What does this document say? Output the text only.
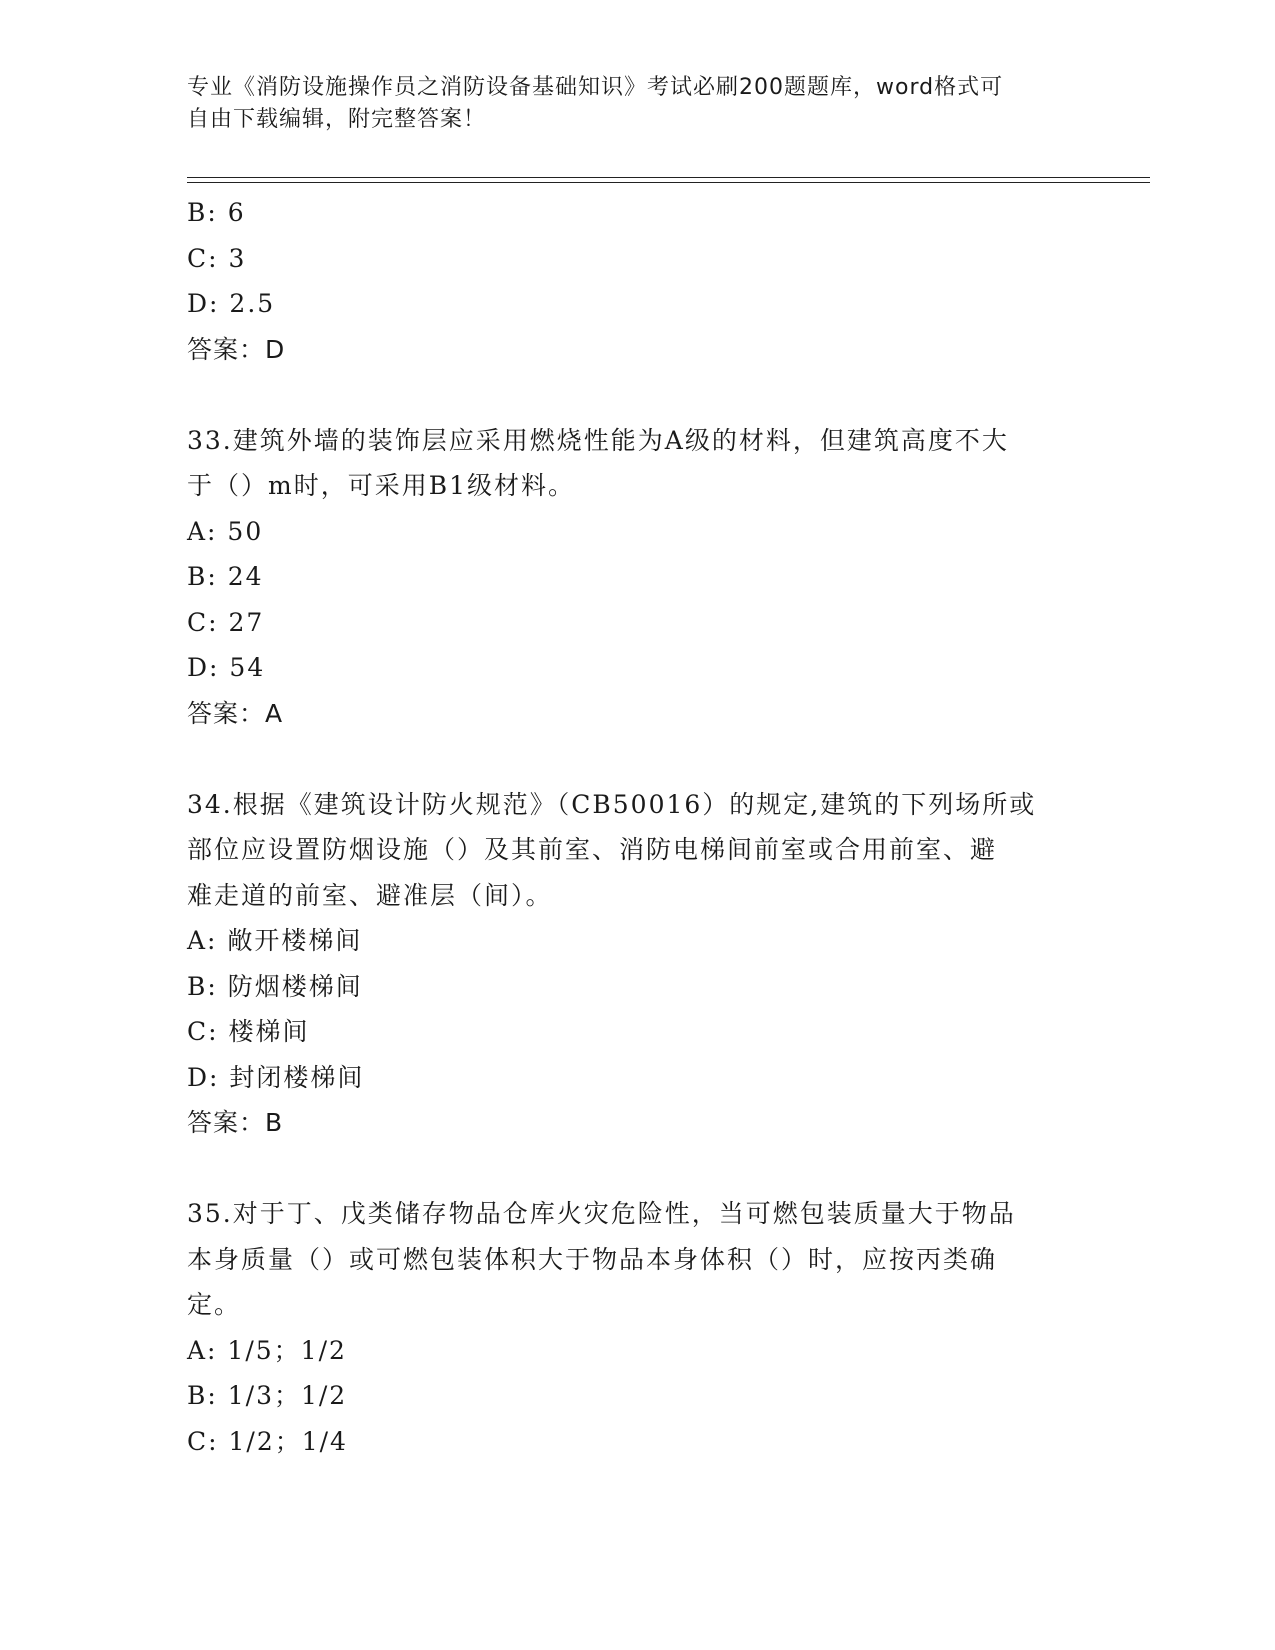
专业《消防设施操作员之消防设备基础知识》考试必刷200题题库，word格式可
自由下载编辑，附完整答案！
B: 6
C: 3
D: 2.5
答案：D
33.建筑外墙的装饰层应采用燃烧性能为A级的材料，但建筑高度不大
于（）m时，可采用B1级材料。
A: 50
B: 24
C: 27
D: 54
答案：A
34.根据《建筑设计防火规范》（CB50016）的规定,建筑的下列场所或
部位应设置防烟设施（）及其前室、消防电梯间前室或合用前室、避
难走道的前室、避准层（间）。
A: 敞开楼梯间
B: 防烟楼梯间
C: 楼梯间
D: 封闭楼梯间
答案：B
35.对于丁、戊类储存物品仓库火灾危险性，当可燃包装质量大于物品
本身质量（）或可燃包装体积大于物品本身体积（）时，应按丙类确
定。
A: 1/5；1/2
B: 1/3；1/2
C: 1/2；1/4
